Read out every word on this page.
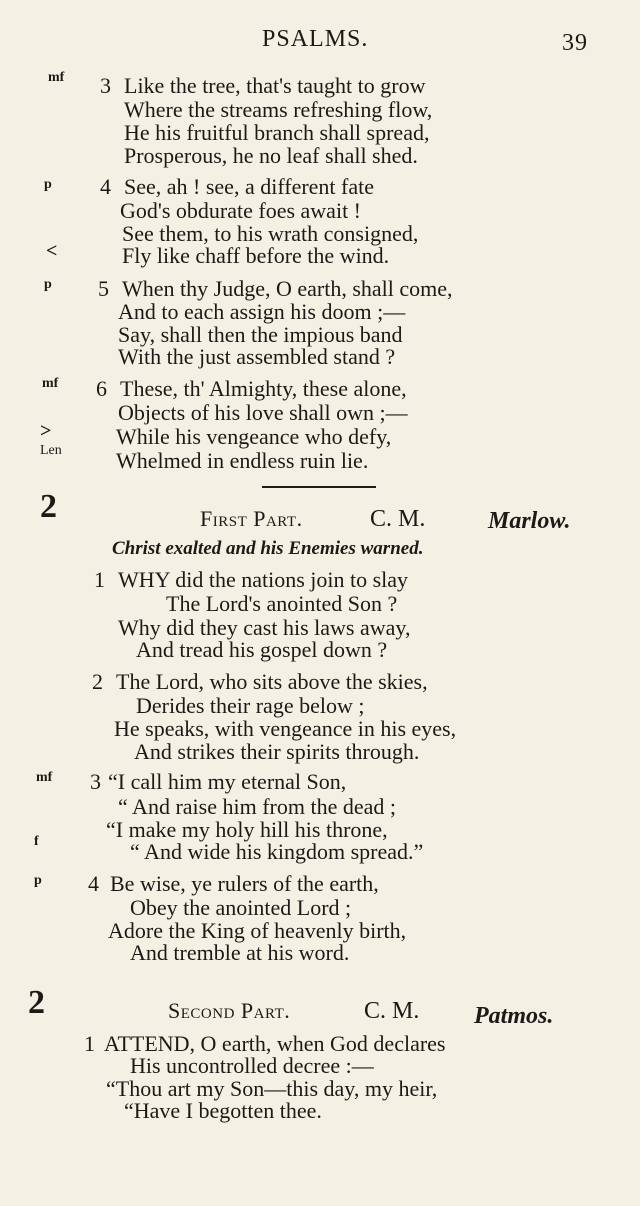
PSALMS.	39
mf 3 Like the tree, that's taught to grow
Where the streams refreshing flow,
He his fruitful branch shall spread,
Prosperous, he no leaf shall shed.
p 4 See, ah ! see, a different fate
God's obdurate foes await !
See them, to his wrath consigned,
<	Fly like chaff before the wind.
p 5 When thy Judge, O earth, shall come,
And to each assign his doom ;—
Say, shall then the impious band
With the just assembled stand ?
mf 6 These, th' Almighty, these alone,
Objects of his love shall own ;—
>	While his vengeance who defy,
Len Whelmed in endless ruin lie.
2	First Part.	C. M.	Marlow.
Christ exalted and his Enemies warned.
1 WHY did the nations join to slay
The Lord's anointed Son ?
Why did they cast his laws away,
And tread his gospel down ?
2 The Lord, who sits above the skies,
Derides their rage below ;
He speaks, with vengeance in his eyes,
And strikes their spirits through.
mf 3 “I call him my eternal Son,
“ And raise him from the dead ;
“I make my holy hill his throne,
f	“ And wide his kingdom spread.”
p 4 Be wise, ye rulers of the earth,
Obey the anointed Lord ;
Adore the King of heavenly birth,
And tremble at his word.
2	Second Part.	C. M. Patmos.
1 ATTEND, O earth, when God declares
His uncontrolled decree :—
“Thou art my Son—this day, my heir,
“Have I begotten thee.
